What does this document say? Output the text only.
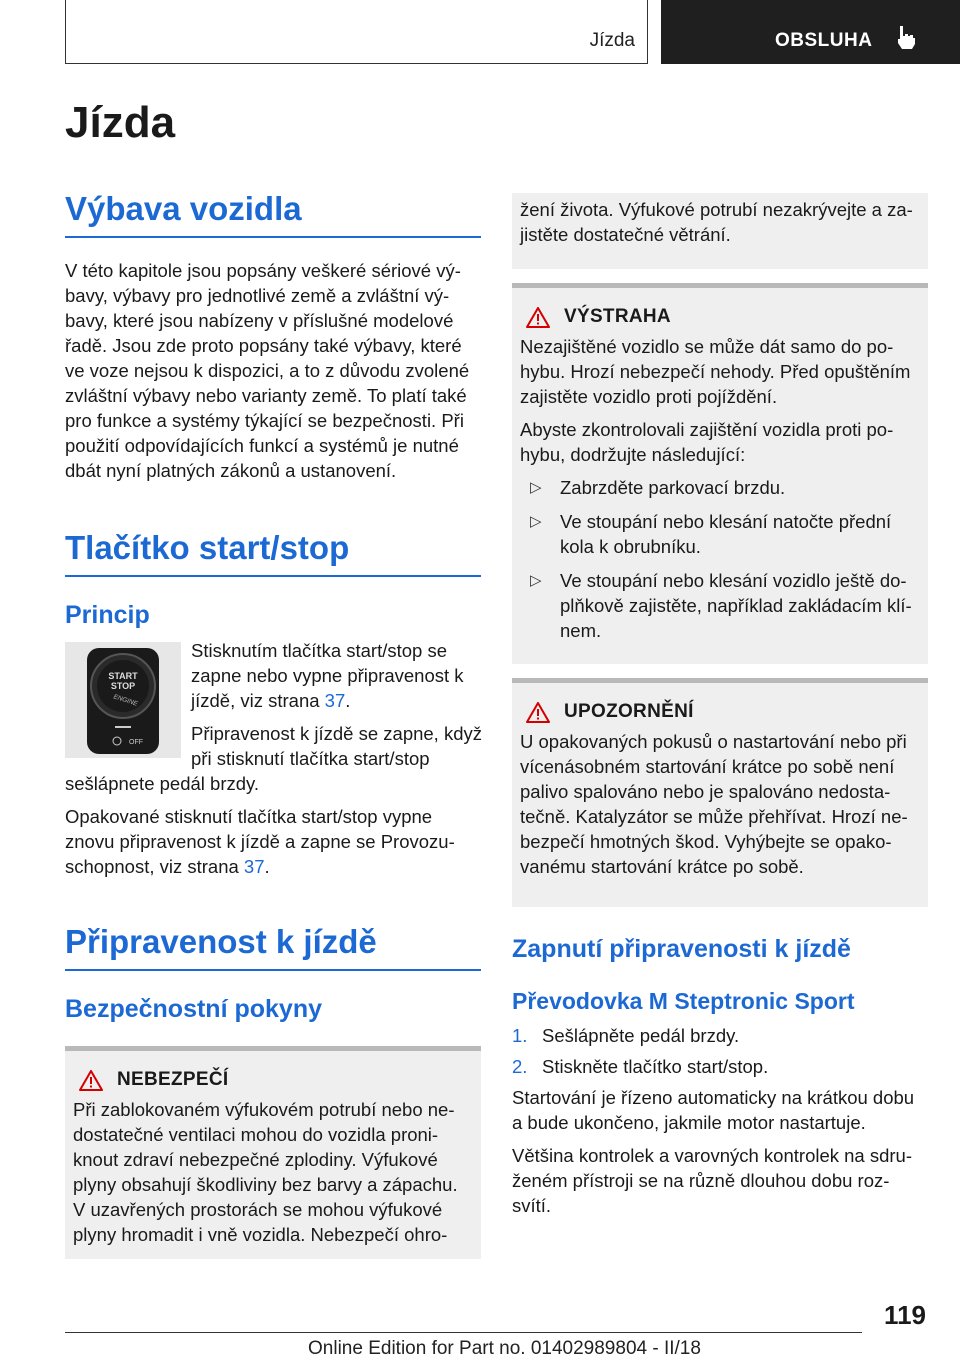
Jízda	OBSLUHA
Jízda
Výbava vozidla

V této kapitole jsou popsány veškeré sériové vý-bavy, výbavy pro jednotlivé země a zvláštní vý-bavy, které jsou nabízeny v příslušné modelové řadě. Jsou zde proto popsány také výbavy, které ve voze nejsou k dispozici, a to z důvodu zvolené zvláštní výbavy nebo varianty země. To platí také pro funkce a systémy týkající se bezpečnosti. Při použití odpovídajících funkcí a systémů je nutné dbát nyní platných zákonů a ustanovení.

Tlačítko start/stop
Princip
START
STOP
ENGINE
OFF

Stisknutím tlačítka start/stop se zapne nebo vypne připravenost k jízdě, viz strana 37.

Připravenost k jízdě se zapne, když při stisknutí tlačítka start/stop

sešlápnete pedál brzdy.

Opakované stisknutí tlačítka start/stop vypne znovu připravenost k jízdě a zapne se Provozu-schopnost, viz strana 37.

Připravenost k jízdě
Bezpečnostní pokyny
NEBEZPEČÍ

Při zablokovaném výfukovém potrubí nebo ne-dostatečné ventilaci mohou do vozidla proni-knout zdraví nebezpečné zplodiny. Výfukové plyny obsahují škodliviny bez barvy a zápachu. V uzavřených prostorách se mohou výfukové plyny hromadit i vně vozidla. Nebezpečí ohro-

žení života. Výfukové potrubí nezakrývejte a za-jistěte dostatečné větrání.

VÝSTRAHA

Nezajištěné vozidlo se může dát samo do po-hybu. Hrozí nebezpečí nehody. Před opuštěním zajistěte vozidlo proti pojíždění.

Abyste zkontrolovali zajištění vozidla proti po-hybu, dodržujte následující:

▷ Zabrzděte parkovací brzdu.
▷ Ve stoupání nebo klesání natočte přední kola k obrubníku.
▷ Ve stoupání nebo klesání vozidlo ještě do-plňkově zajistěte, například zakládacím klí-nem.
UPOZORNĚNÍ

U opakovaných pokusů o nastartování nebo při vícenásobném startování krátce po sobě není palivo spalováno nebo je spalováno nedosta-tečně. Katalyzátor se může přehřívat. Hrozí ne-bezpečí hmotných škod. Vyhýbejte se opako-vanému startování krátce po sobě.

Zapnutí připravenosti k jízdě
Převodovka M Steptronic Sport
1. Sešlápněte pedál brzdy.
2. Stiskněte tlačítko start/stop.

Startování je řízeno automaticky na krátkou dobu a bude ukončeno, jakmile motor nastartuje.

Většina kontrolek a varovných kontrolek na sdru-ženém přístroji se na různě dlouhou dobu roz-svítí.

119
Online Edition for Part no. 01402989804 - II/18
